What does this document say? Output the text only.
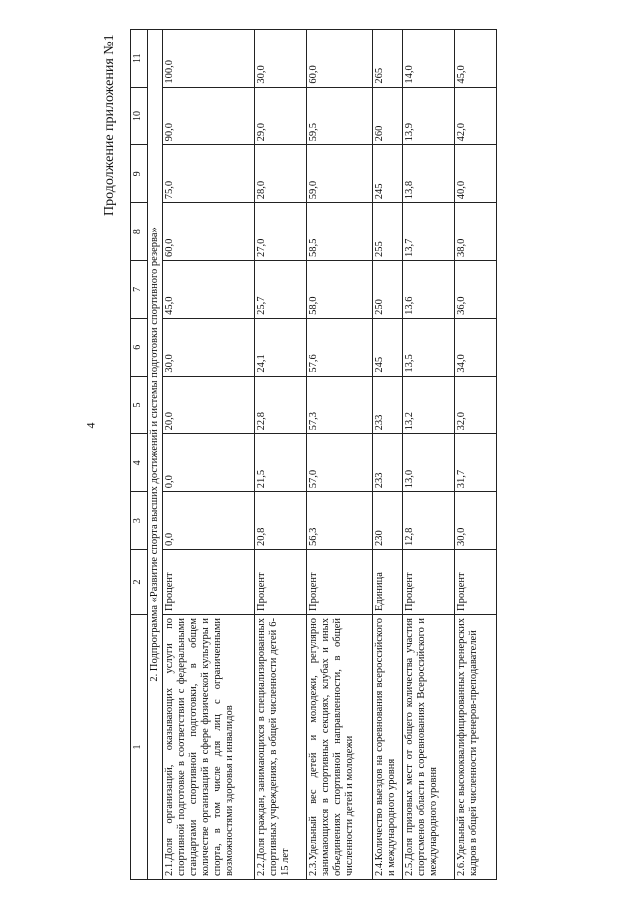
4
Продолжение приложения №1
1	2	3	4	5	6	7	8	9	10	11
2. Подпрограмма «Развитие спорта высших достижений и системы подготовки спортивного резерва»										
2.1.Доля организаций, оказывающих услуги по спортивной подготовке в соответствии с федеральными стандартами спортивной подготовки, в общем количестве организаций в сфере физической культуры и спорта, в том числе для лиц с ограниченными возможностями здоровья и инвалидов	Процент	0,0	0,0	20,0	30,0	45,0	60,0	75,0	90,0	100,0
2.2.Доля граждан, занимающихся в специализированных спортивных учреждениях, в общей численности детей 6-15 лет	Процент	20,8	21,5	22,8	24,1	25,7	27,0	28,0	29,0	30,0
2.3.Удельный вес детей и молодежи, регулярно занимающихся в спортивных секциях, клубах и иных объединениях спортивной направленности, в общей численности детей и молодежи	Процент	56,3	57,0	57,3	57,6	58,0	58,5	59,0	59,5	60,0
2.4.Количество выездов на соревнования всероссийского и международного уровня	Единица	230	233	233	245	250	255	245	260	265
2.5.Доля призовых мест от общего количества участия спортсменов области в соревнованиях Всероссийского и международного уровня	Процент	12,8	13,0	13,2	13,5	13,6	13,7	13,8	13,9	14,0
2.6.Удельный вес высококвалифицированных тренерских кадров в общей численности тренеров-преподавателей	Процент	30,0	31,7	32,0	34,0	36,0	38,0	40,0	42,0	45,0
